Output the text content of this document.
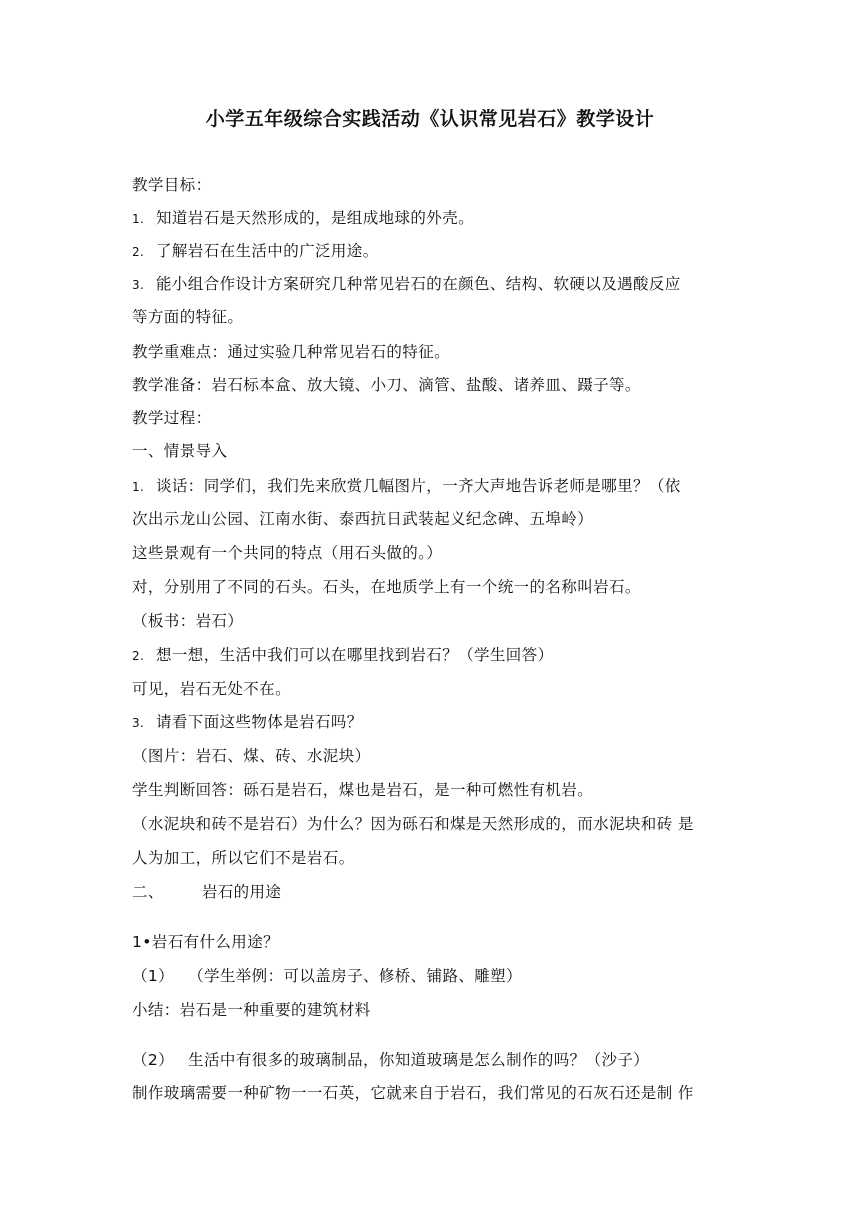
小学五年级综合实践活动《认识常见岩石》教学设计
教学目标：
1. 知道岩石是天然形成的，是组成地球的外壳。
2. 了解岩石在生活中的广泛用途。
3. 能小组合作设计方案研究几种常见岩石的在颜色、结构、软硬以及遇酸反应
等方面的特征。
教学重难点：通过实验几种常见岩石的特征。
教学准备：岩石标本盒、放大镜、小刀、滴管、盐酸、诸养皿、蹑子等。
教学过程：
一、情景导入
1. 谈话：同学们，我们先来欣赏几幅图片，一齐大声地告诉老师是哪里？（依
次出示龙山公园、江南水街、泰西抗日武装起义纪念碑、五埠岭）
这些景观有一个共同的特点（用石头做的。）
对，分别用了不同的石头。石头，在地质学上有一个统一的名称叫岩石。
（板书：岩石）
2. 想一想，生活中我们可以在哪里找到岩石？（学生回答）
可见，岩石无处不在。
3. 请看下面这些物体是岩石吗？
（图片：岩石、煤、砖、水泥块）
学生判断回答：砾石是岩石，煤也是岩石，是一种可燃性有机岩。
（水泥块和砖不是岩石）为什么？因为砾石和煤是天然形成的，而水泥块和砖 是
人为加工，所以它们不是岩石。
二、 岩石的用途
1•岩石有什么用途？
（1） （学生举例：可以盖房子、修桥、铺路、雕塑）
小结：岩石是一种重要的建筑材料
（2） 生活中有很多的玻璃制品，你知道玻璃是怎么制作的吗？（沙子）
制作玻璃需要一种矿物一一石英，它就来自于岩石，我们常见的石灰石还是制 作
